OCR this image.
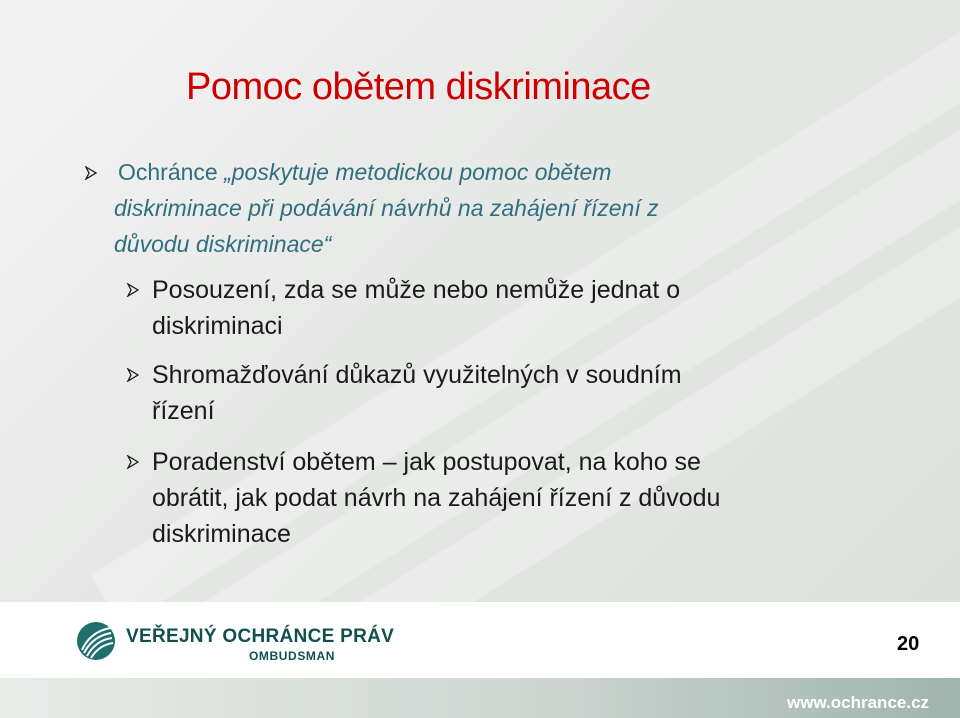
Pomoc obětem diskriminace
Ochránce „poskytuje metodickou pomoc obětem
diskriminace při podávání návrhů na zahájení řízení z
důvodu diskriminace“
Posouzení, zda se může nebo nemůže jednat o
diskriminaci
Shromažďování důkazů využitelných v soudním
řízení
Poradenství obětem – jak postupovat, na koho se
obrátit, jak podat návrh na zahájení řízení z důvodu
diskriminace
VEŘEJNÝ OCHRÁNCE PRÁV
OMBUDSMAN
20
www.ochrance.cz
